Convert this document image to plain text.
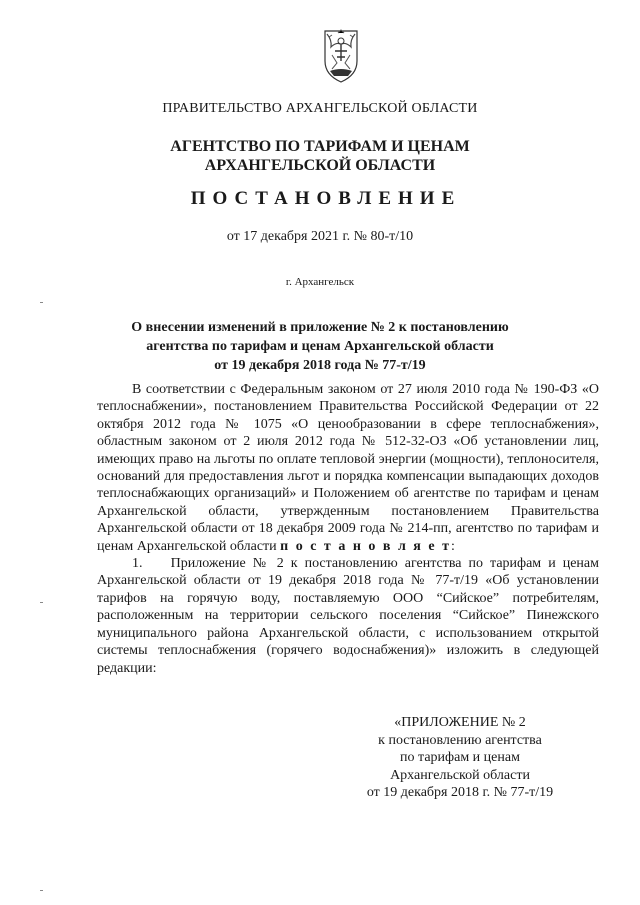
ПРАВИТЕЛЬСТВО АРХАНГЕЛЬСКОЙ ОБЛАСТИ
АГЕНТСТВО ПО ТАРИФАМ И ЦЕНАМ
АРХАНГЕЛЬСКОЙ ОБЛАСТИ
ПОСТАНОВЛЕНИЕ
от 17 декабря 2021 г. № 80-т/10
г. Архангельск
О внесении изменений в приложение № 2 к постановлению
агентства по тарифам и ценам Архангельской области
от 19 декабря 2018 года № 77-т/19

В соответствии с Федеральным законом от 27 июля 2010 года № 190-ФЗ «О теплоснабжении», постановлением Правительства Российской Федерации от 22 октября 2012 года № 1075 «О ценообразовании в сфере теплоснабжения», областным законом от 2 июля 2012 года № 512-32-ОЗ «Об установлении лиц, имеющих право на льготы по оплате тепловой энергии (мощности), теплоносителя, оснований для предоставления льгот и порядка компенсации выпадающих доходов теплоснабжающих организаций» и Положением об агентстве по тарифам и ценам Архангельской области, утвержденным постановлением Правительства Архангельской области от 18 декабря 2009 года № 214-пп, агентство по тарифам и ценам Архангельской области п о с т а н о в л я е т:

1. Приложение № 2 к постановлению агентства по тарифам и ценам Архангельской области от 19 декабря 2018 года № 77-т/19 «Об установлении тарифов на горячую воду, поставляемую ООО “Сийское” потребителям, расположенным на территории сельского поселения “Сийское” Пинежского муниципального района Архангельской области, с использованием открытой системы теплоснабжения (горячего водоснабжения)» изложить в следующей редакции:

«ПРИЛОЖЕНИЕ № 2
к постановлению агентства
по тарифам и ценам
Архангельской области
от 19 декабря 2018 г. № 77-т/19
